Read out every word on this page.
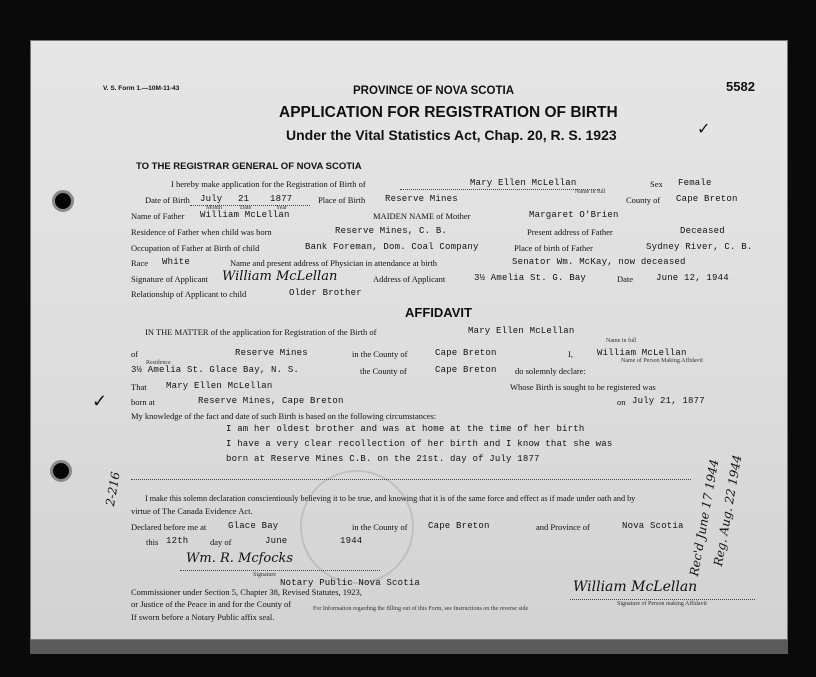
V. S. Form 1.—10M-11-43	5582
PROVINCE OF NOVA SCOTIA
APPLICATION FOR REGISTRATION OF BIRTH
Under the Vital Statistics Act, Chap. 20, R. S. 1923	✓
TO THE REGISTRAR GENERAL OF NOVA SCOTIA
I hereby make application for the Registration of Birth of	Mary Ellen McLellan
Name in full
Sex Female
Date of Birth July 21 1877
Month	Date	Year
Place of Birth Reserve Mines	County of Cape Breton
Name of Father William McLellan	MAIDEN NAME of Mother	Margaret O'Brien
Residence of Father when child was born	Reserve Mines, C. B.	Present address of Father	Deceased
Occupation of Father at Birth of child	Bank Foreman, Dom. Coal Company	Place of birth of Father	Sydney River, C. B.
Race White	Name and present address of Physician in attendance at birth	Senator Wm. McKay, now deceased
Signature of Applicant William McLellan	Address of Applicant	3½ Amelia St. G. Bay	Date	June 12, 1944
Relationship of Applicant to child	Older Brother
AFFIDAVIT
IN THE MATTER of the application for Registration of the Birth of	Mary Ellen McLellan
Name in full
of	Reserve Mines	in the County of	Cape Breton	I,	William McLellan
Name of Person Making Affidavit
Residence
3½ Amelia St. Glace Bay, N. S.	the County of	Cape Breton do solemnly declare:
That Mary Ellen McLellan	Whose Birth is sought to be registered was
born at	Reserve Mines, Cape Breton	on July 21, 1877
My knowledge of the fact and date of such Birth is based on the following circumstances:
I am her oldest brother and was at home at the time of her birth
I have a very clear recollection of her birth and I know that she was
born at Reserve Mines C.B. on the 21st. day of July 1877
I make this solemn declaration conscientiously believing it to be true, and knowing that it is of the same force and effect as if made under oath and by
virtue of The Canada Evidence Act.
Declared before me at Glace Bay	in the County of Cape Breton	and Province of	Nova Scotia
this 12th	day of	June	1944
Wm. R. Mcfocks
Signature
Notary Public Nova Scotia
Commissioner under Section 5, Chapter 38, Revised Statutes, 1923,
or Justice of the Peace in and for the County of
If sworn before a Notary Public affix seal.
William McLellan
Signature of Person making Affidavit
For Information regarding the filling out of this Form, see Instructions on the reverse side
2-216
✓
Rec'd June 17 1944
Reg. Aug. 22 1944
